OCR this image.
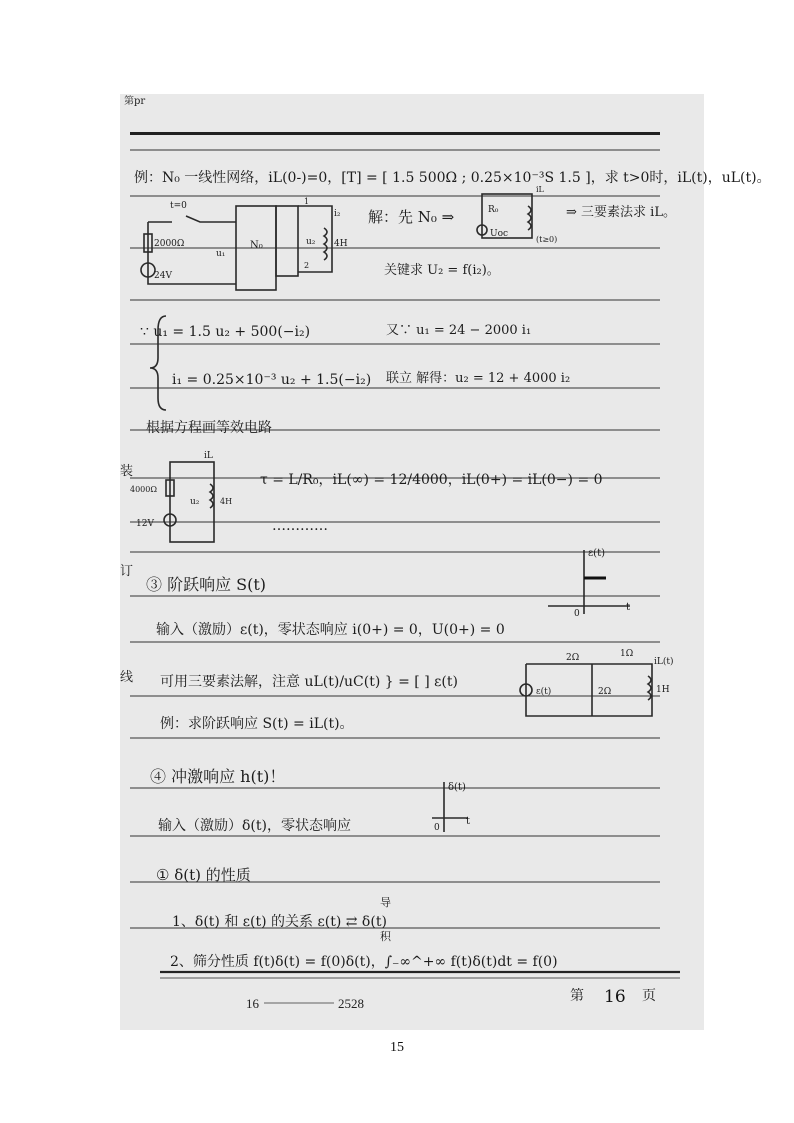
第pr
例：N₀ 一线性网络，iL(0-)=0，[T] = [ 1.5 500Ω ; 0.25×10⁻³S 1.5 ]，求 t>0时，iL(t)，uL(t)。
解：先 N₀ ⇒	⇒ 三要素法求 iL。
关键求 U₂ = f(i₂)。
∵ u₁ = 1.5 u₂ + 500(−i₂)	又∵ u₁ = 24 − 2000 i₁
i₁ = 0.25×10⁻³ u₂ + 1.5(−i₂) 联立 解得：u₂ = 12 + 4000 i₂
根据方程画等效电路
τ = L/R₀，iL(∞) = 12/4000，iL(0+) = iL(0−) = 0
…………
③ 阶跃响应 S(t)
输入（激励）ε(t)，零状态响应 i(0+) = 0，U(0+) = 0
可用三要素法解，注意 uL(t)/uC(t) } = [ ] ε(t)
例：求阶跃响应 S(t) = iL(t)。
④ 冲激响应 h(t)！
输入（激励）δ(t)，零状态响应
① δ(t) 的性质
1、δ(t) 和 ε(t) 的关系 ε(t) ⇄ δ(t)
导
积
2、筛分性质 f(t)δ(t) = f(0)δ(t)，∫₋∞^+∞ f(t)δ(t)dt = f(0)
t=0
2000Ω
24V
u₁
N₀	u₂ 4H
i₂
1
2
R₀
Uoc
(t≥0)
iL
iL
4000Ω
u₂	4H
12V
ε(t)
0
t
2Ω	1Ω
2Ω	1H
ε(t)
iL(t)
δ(t)
0
t
16	2528	第 16 页
装
订
线
15
